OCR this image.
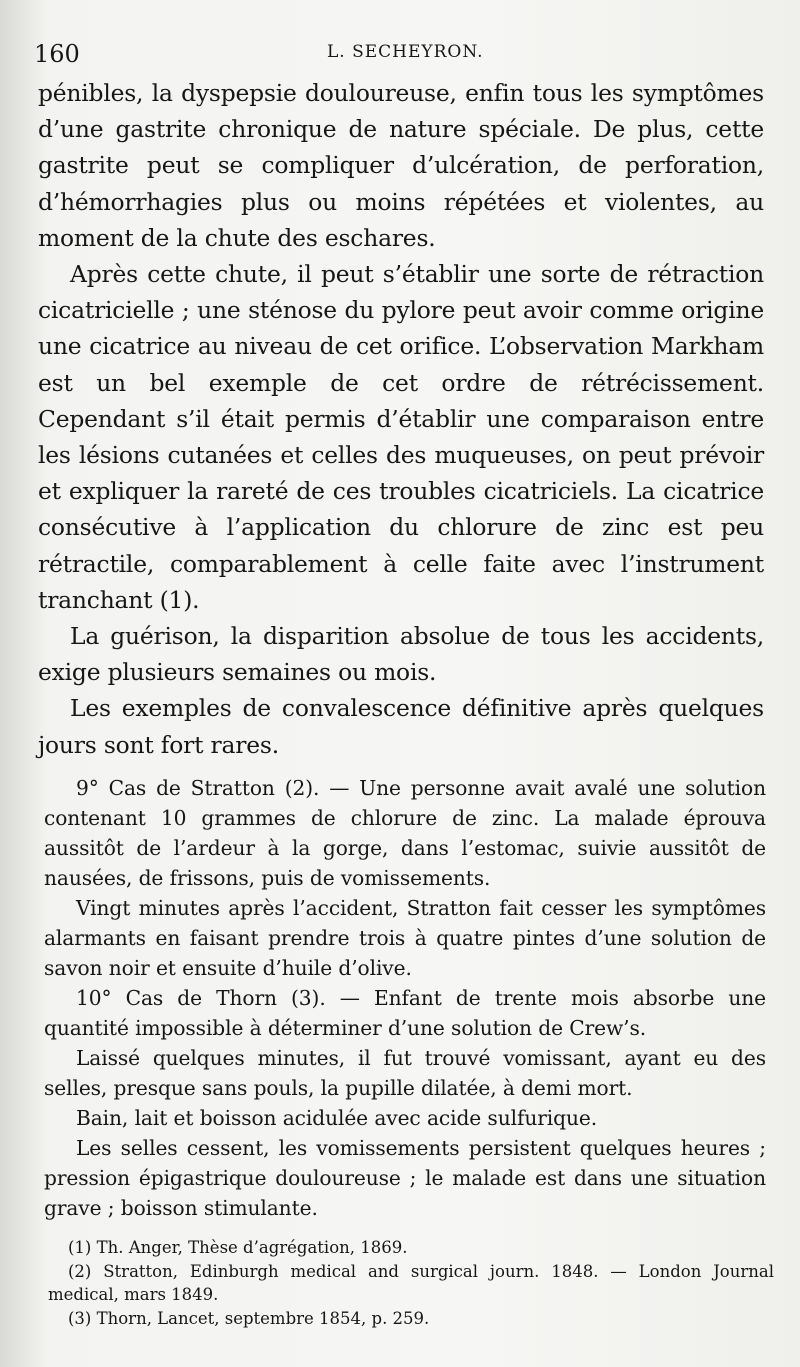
160	L. SECHEYRON.

pénibles, la dyspepsie douloureuse, enfin tous les symptômes d’une gastrite chronique de nature spéciale. De plus, cette gastrite peut se compliquer d’ulcération, de perforation, d’hémorrhagies plus ou moins répétées et violentes, au moment de la chute des eschares.

Après cette chute, il peut s’établir une sorte de rétraction cicatricielle ; une sténose du pylore peut avoir comme origine une cicatrice au niveau de cet orifice. L’observation Markham est un bel exemple de cet ordre de rétrécissement. Cependant s’il était permis d’établir une comparaison entre les lésions cutanées et celles des muqueuses, on peut prévoir et expliquer la rareté de ces troubles cicatriciels. La cicatrice consécutive à l’application du chlorure de zinc est peu rétractile, comparablement à celle faite avec l’instrument tranchant (1).

La guérison, la disparition absolue de tous les accidents, exige plusieurs semaines ou mois.

Les exemples de convalescence définitive après quelques jours sont fort rares.

9° Cas de Stratton (2). — Une personne avait avalé une solution contenant 10 grammes de chlorure de zinc. La malade éprouva aussitôt de l’ardeur à la gorge, dans l’estomac, suivie aussitôt de nausées, de frissons, puis de vomissements.

Vingt minutes après l’accident, Stratton fait cesser les symptômes alarmants en faisant prendre trois à quatre pintes d’une solution de savon noir et ensuite d’huile d’olive.

10° Cas de Thorn (3). — Enfant de trente mois absorbe une quantité impossible à déterminer d’une solution de Crew’s.

Laissé quelques minutes, il fut trouvé vomissant, ayant eu des selles, presque sans pouls, la pupille dilatée, à demi mort.

Bain, lait et boisson acidulée avec acide sulfurique.

Les selles cessent, les vomissements persistent quelques heures ; pression épigastrique douloureuse ; le malade est dans une situation grave ; boisson stimulante.

(1) Th. Anger, Thèse d’agrégation, 1869.

(2) Stratton, Edinburgh medical and surgical journ. 1848. — London Journal medical, mars 1849.

(3) Thorn, Lancet, septembre 1854, p. 259.
